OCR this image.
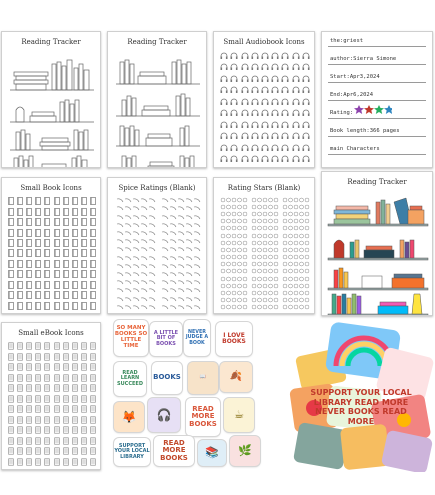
Reading Tracker	Reading Tracker	Small Audiobook Icons	the:griest
author:Sierra Simone
Start:Apr3,2024
End:Apr6,2024
Rating:
Book length:366 pages
main Characters
Small Book Icons	Spice Ratings (Blank)	Rating Stars (Blank)
Reading Tracker
Small eBook Icons
SO MANY BOOKS SO LITTLE TIME
A LITTLE BIT OF BOOKS
NEVER JUDGE A BOOK
I LOVE BOOKS
READ LEARN SUCCEED
BOOKS	📖	🍂
🦊	🎧	READ MORE BOOKS
☕
SUPPORT YOUR LOCAL LIBRARY
READ MORE BOOKS	📚	🌿
SUPPORT YOUR LOCAL LIBRARY READ MORE NEVER BOOKS READ MORE
